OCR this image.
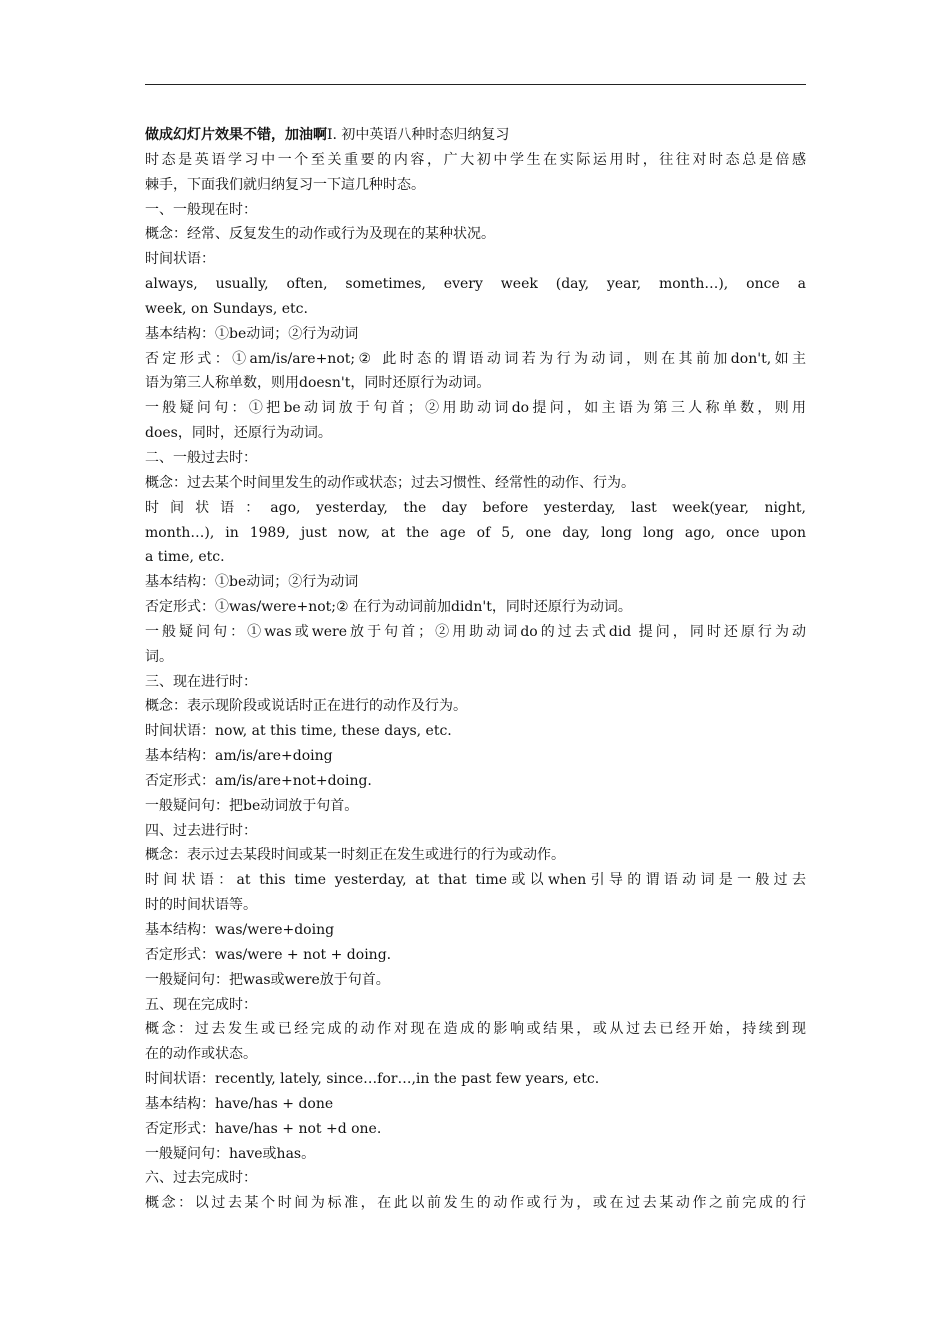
做成幻灯片效果不错，加油啊Ⅰ. 初中英语八种时态归纳复习

时态是英语学习中一个至关重要的内容，广大初中学生在实际运用时，往往对时态总是倍感

棘手，下面我们就归纳复习一下這几种时态。

一、一般现在时：

概念：经常、反复发生的动作或行为及现在的某种状况。

时间状语：

always, usually, often, sometimes, every week (day, year, month…), once a

week, on Sundays, etc.

基本结构：①be动词；②行为动词

否定形式：①am/is/are+not;② 此时态的谓语动词若为行为动词，则在其前加don't,如主

语为第三人称单数，则用doesn't，同时还原行为动词。

一般疑问句：①把be动词放于句首；②用助动词do提问，如主语为第三人称单数，则用

does，同时，还原行为动词。

二、一般过去时：

概念：过去某个时间里发生的动作或状态；过去习惯性、经常性的动作、行为。

时间状语：ago, yesterday, the day before yesterday, last week(year, night,

month…), in 1989, just now, at the age of 5, one day, long long ago, once upon

a time, etc.

基本结构：①be动词；②行为动词

否定形式：①was/were+not;② 在行为动词前加didn't，同时还原行为动词。

一般疑问句：①was或were放于句首；②用助动词do的过去式did 提问，同时还原行为动

词。

三、现在进行时：

概念：表示现阶段或说话时正在进行的动作及行为。

时间状语：now, at this time, these days, etc.

基本结构：am/is/are+doing

否定形式：am/is/are+not+doing.

一般疑问句：把be动词放于句首。

四、过去进行时：

概念：表示过去某段时间或某一时刻正在发生或进行的行为或动作。

时间状语：at this time yesterday, at that time或以when引导的谓语动词是一般过去

时的时间状语等。

基本结构：was/were+doing

否定形式：was/were + not + doing.

一般疑问句：把was或were放于句首。

五、现在完成时：

概念：过去发生或已经完成的动作对现在造成的影响或结果，或从过去已经开始，持续到现

在的动作或状态。

时间状语：recently, lately, since…for…,in the past few years, etc.

基本结构：have/has + done

否定形式：have/has + not +d one.

一般疑问句：have或has。

六、过去完成时：

概念：以过去某个时间为标准，在此以前发生的动作或行为，或在过去某动作之前完成的行
